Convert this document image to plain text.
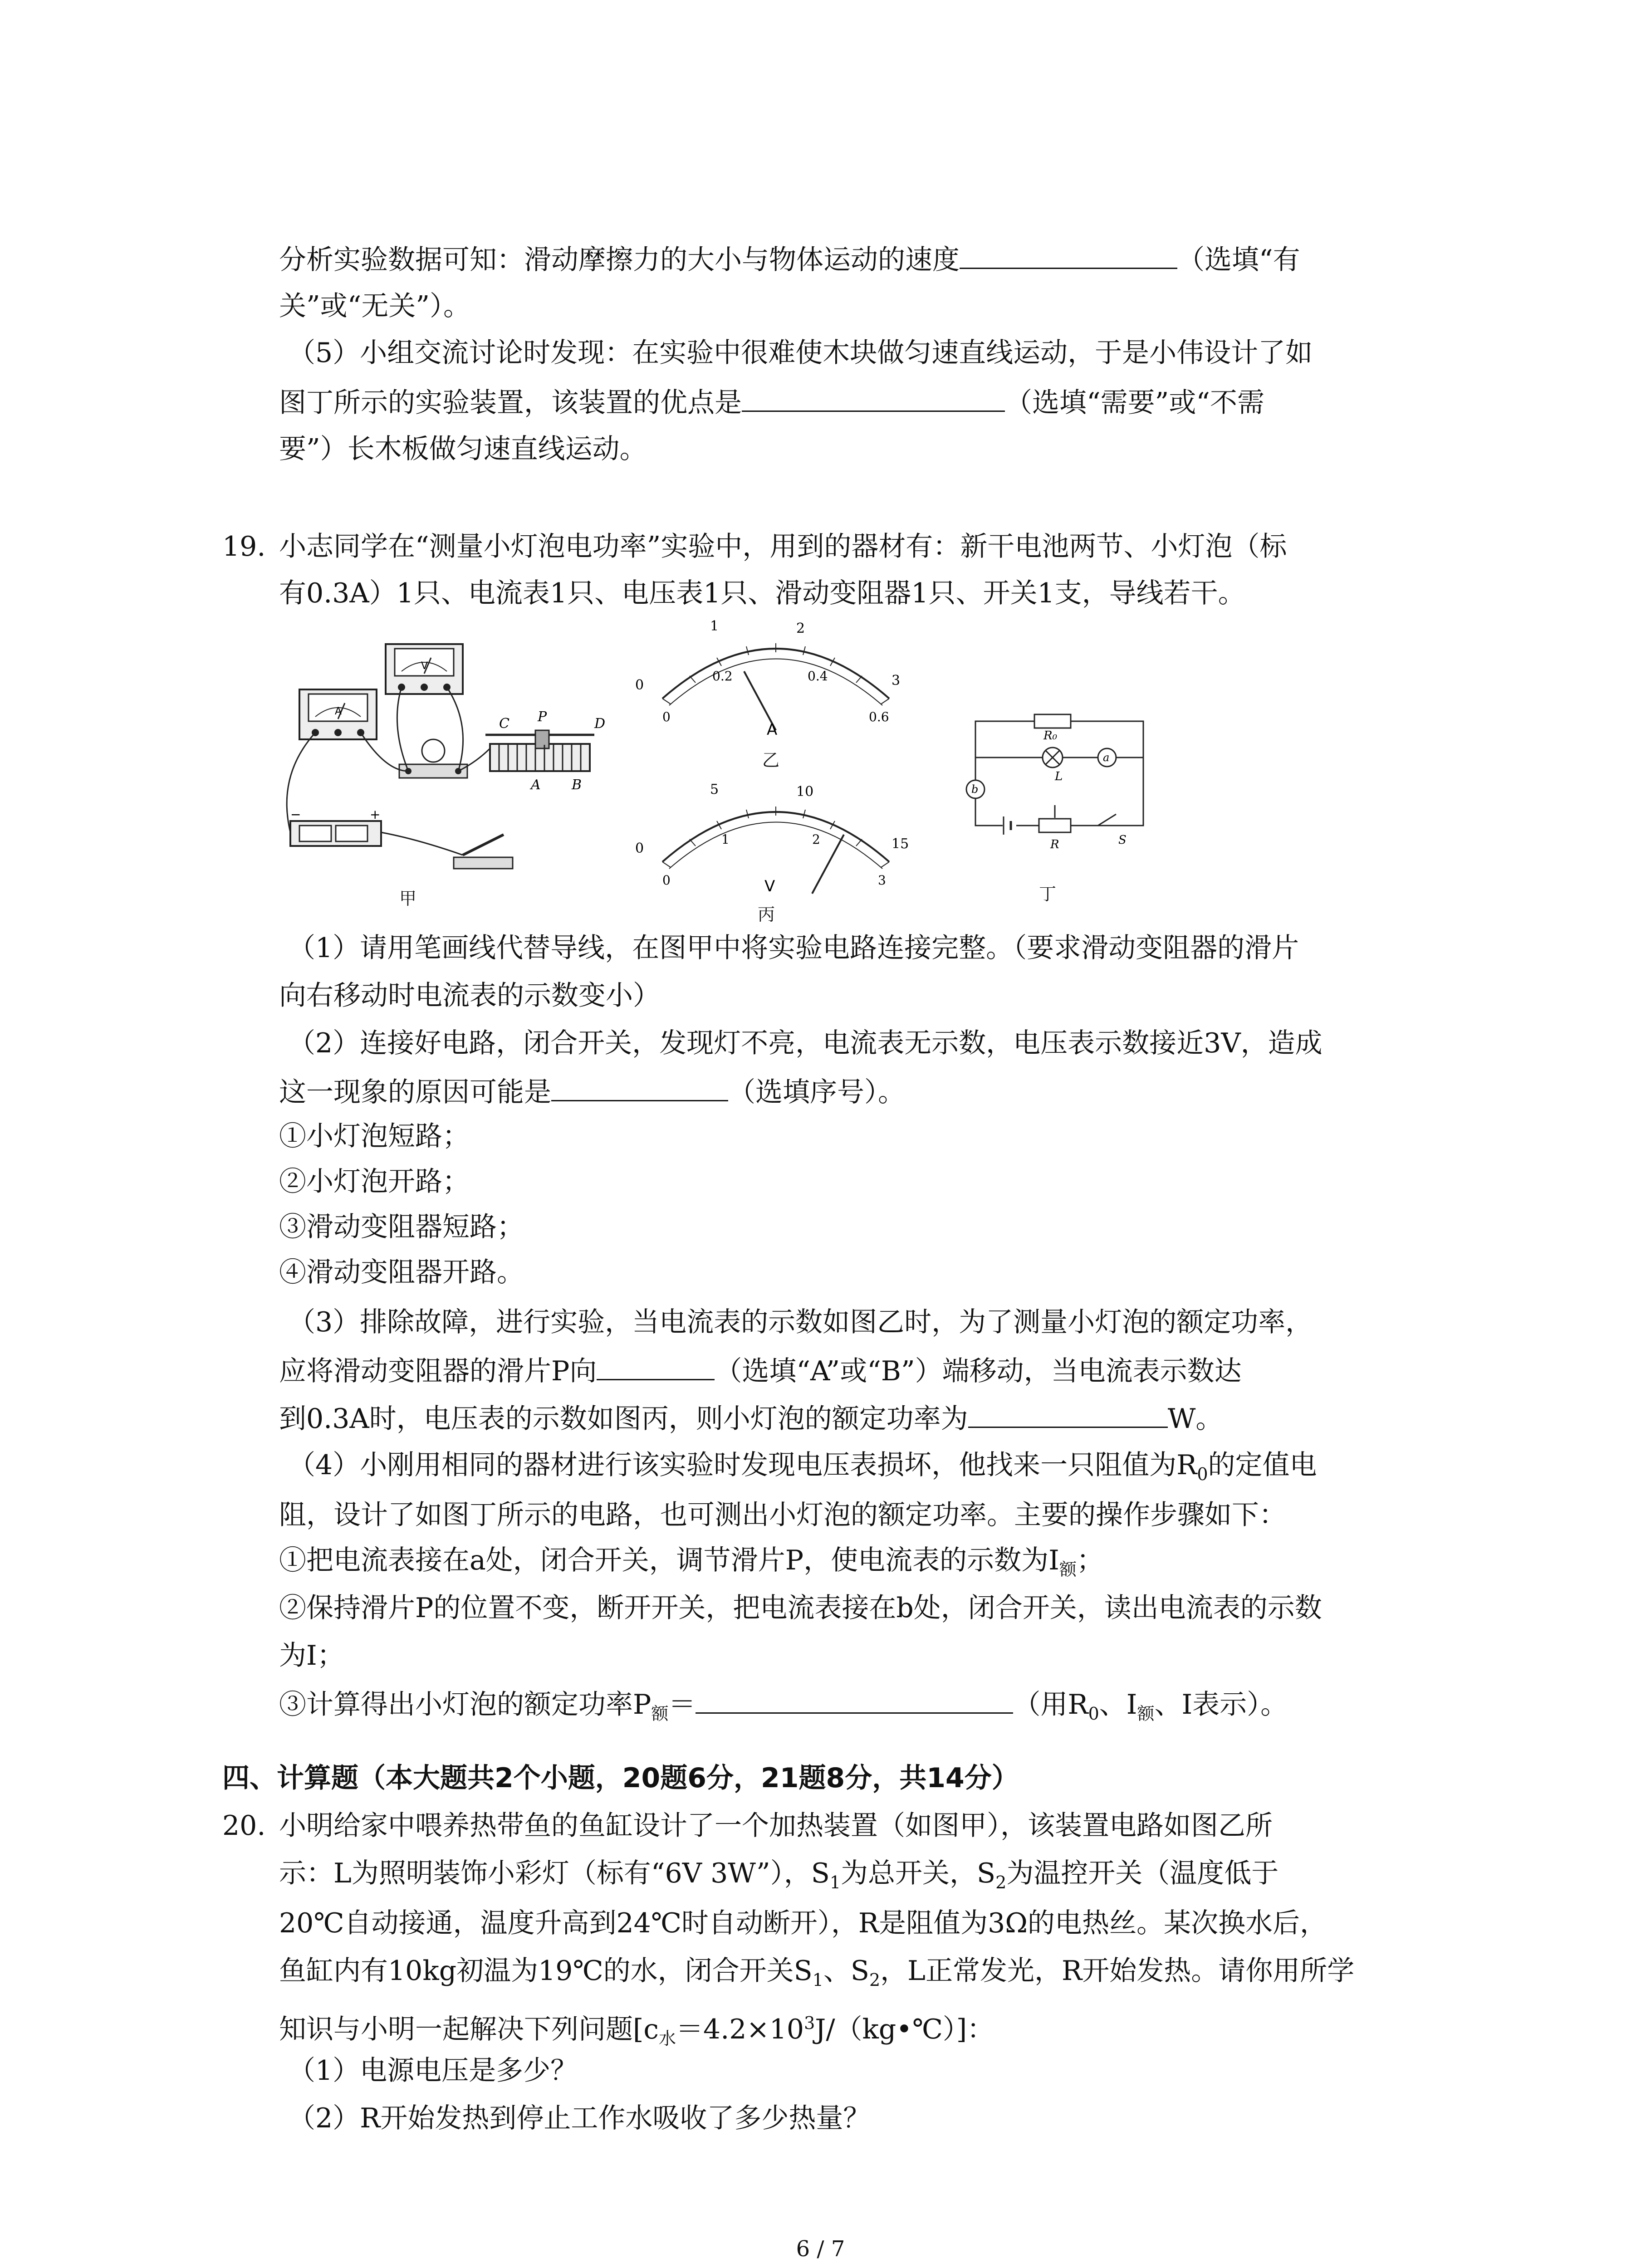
分析实验数据可知：滑动摩擦力的大小与物体运动的速度	（选填“有
关”或“无关”）。
（5）小组交流讨论时发现：在实验中很难使木块做匀速直线运动，于是小伟设计了如
图丁所示的实验装置，该装置的优点是	（选填“需要”或“不需
要”）长木板做匀速直线运动。
19. 小志同学在“测量小灯泡电功率”实验中，用到的器材有：新干电池两节、小灯泡（标
有0.3A）1只、电流表1只、电压表1只、滑动变阻器1只、开关1支，导线若干。
A
V
C P	D
A B
−	+
甲
0
1	2
3
0
0.2	0.4
0.6
A
乙
0
5	10
15
0
1	2
3
V
丙
R₀
L
a
b
R	S
丁
（1）请用笔画线代替导线，在图甲中将实验电路连接完整。（要求滑动变阻器的滑片
向右移动时电流表的示数变小）
（2）连接好电路，闭合开关，发现灯不亮，电流表无示数，电压表示数接近3V，造成
这一现象的原因可能是	（选填序号）。
①小灯泡短路；
②小灯泡开路；
③滑动变阻器短路；
④滑动变阻器开路。
（3）排除故障，进行实验，当电流表的示数如图乙时，为了测量小灯泡的额定功率，
应将滑动变阻器的滑片P向	（选填“A”或“B”）端移动，当电流表示数达
到0.3A时，电压表的示数如图丙，则小灯泡的额定功率为	W。
（4）小刚用相同的器材进行该实验时发现电压表损坏，他找来一只阻值为$R_0$的定值电
阻，设计了如图丁所示的电路，也可测出小灯泡的额定功率。主要的操作步骤如下：
①把电流表接在a处，闭合开关，调节滑片P，使电流表的示数为$I_额$；
②保持滑片P的位置不变，断开开关，把电流表接在b处，闭合开关，读出电流表的示数
为I；
③计算得出小灯泡的额定功率$P_额=$	（用$R_0$、$I_额$、I表示）。
四、计算题（本大题共2个小题，20题6分，21题8分，共14分）
20. 小明给家中喂养热带鱼的鱼缸设计了一个加热装置（如图甲），该装置电路如图乙所
示：L为照明装饰小彩灯（标有“6V 3W”），$S_1$为总开关，$S_2$为温控开关（温度低于
20℃自动接通，温度升高到24℃时自动断开），R是阻值为3Ω的电热丝。某次换水后，
鱼缸内有10kg初温为19℃的水，闭合开关$S_1$、$S_2$，L正常发光，R开始发热。请你用所学
知识与小明一起解决下列问题$[c_水=4.2\times 10^3J/(kg•℃)]$：
（1）电源电压是多少？
（2）R开始发热到停止工作水吸收了多少热量？
6 / 7
